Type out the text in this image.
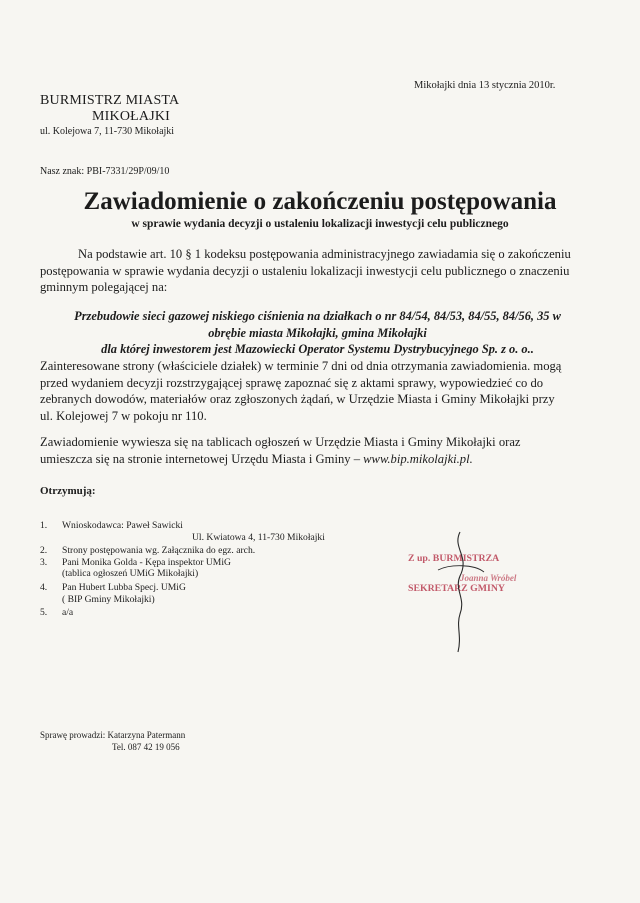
Mikołajki dnia 13 stycznia 2010r.
BURMISTRZ MIASTA
MIKOŁAJKI
ul. Kolejowa 7, 11-730 Mikołajki
Nasz znak: PBI-7331/29P/09/10
Zawiadomienie o zakończeniu postępowania
w sprawie wydania decyzji o ustaleniu lokalizacji inwestycji celu publicznego
Na podstawie art. 10 § 1 kodeksu postępowania administracyjnego zawiadamia się o zakończeniu
postępowania w sprawie wydania decyzji o ustaleniu lokalizacji inwestycji celu publicznego o znaczeniu
gminnym polegającej na:
Przebudowie sieci gazowej niskiego ciśnienia na działkach o nr 84/54, 84/53, 84/55, 84/56, 35 w
obrębie miasta Mikołajki, gmina Mikołajki
dla której inwestorem jest Mazowiecki Operator Systemu Dystrybucyjnego Sp. z o. o..
Zainteresowane strony (właściciele działek) w terminie 7 dni od dnia otrzymania zawiadomienia. mogą
przed wydaniem decyzji rozstrzygającej sprawę zapoznać się z aktami sprawy, wypowiedzieć co do
zebranych dowodów, materiałów oraz zgłoszonych żądań, w Urzędzie Miasta i Gminy Mikołajki przy
ul. Kolejowej 7 w pokoju nr 110.
Zawiadomienie wywiesza się na tablicach ogłoszeń w Urzędzie Miasta i Gminy Mikołajki oraz
umieszcza się na stronie internetowej Urzędu Miasta i Gminy – www.bip.mikolajki.pl.
Otrzymują:
1. Wnioskodawca: Paweł Sawicki
Ul. Kwiatowa 4, 11-730 Mikołajki
2. Strony postępowania wg. Załącznika do egz. arch.
3. Pani Monika Golda - Kępa inspektor UMiG
(tablica ogłoszeń UMiG Mikołajki)
4. Pan Hubert Lubba Specj. UMiG
( BIP Gminy Mikołajki)
5. a/a
Z up. BURMISTRZA
Joanna Wróbel
SEKRETARZ GMINY
Sprawę prowadzi: Katarzyna Patermann
Tel. 087 42 19 056
